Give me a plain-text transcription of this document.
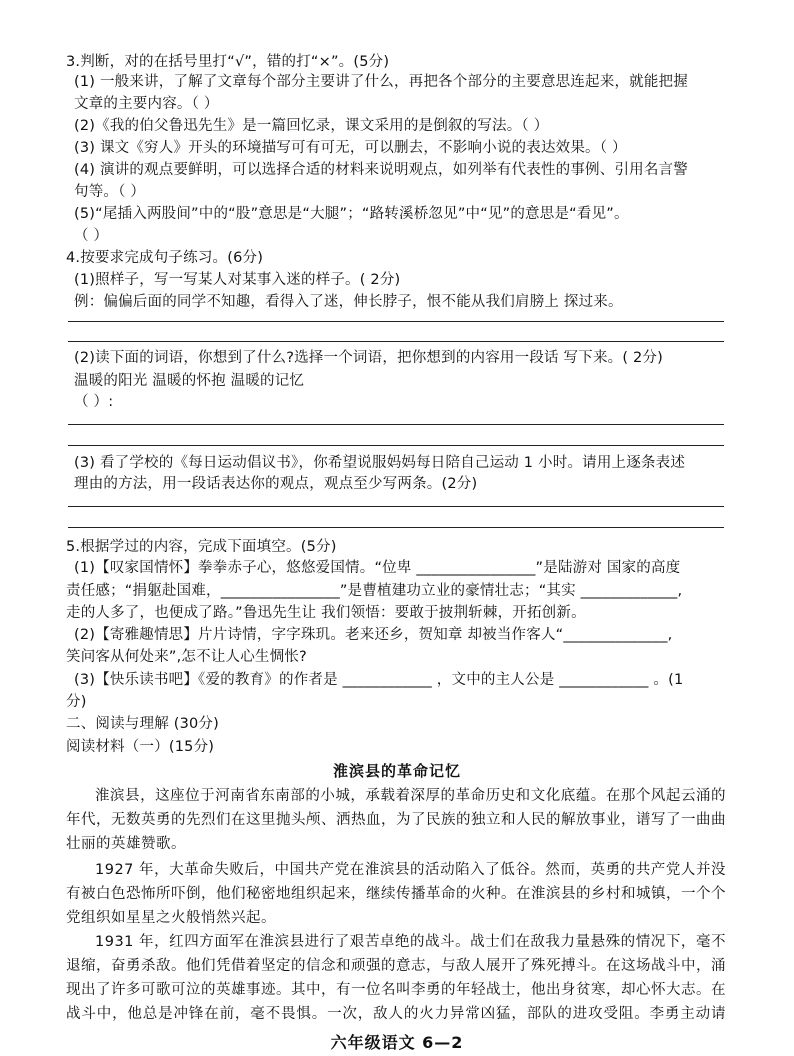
3.判断，对的在括号里打“√”，错的打“×”。(5分)
(1) 一般来讲，了解了文章每个部分主要讲了什么，再把各个部分的主要意思连起来，就能把握
文章的主要内容。（ ）
(2)《我的伯父鲁迅先生》是一篇回忆录，课文采用的是倒叙的写法。（ ）
(3) 课文《穷人》开头的环境描写可有可无，可以删去，不影响小说的表达效果。（ ）
(4) 演讲的观点要鲜明，可以选择合适的材料来说明观点，如列举有代表性的事例、引用名言警
句等。（ ）
(5)“尾插入两股间”中的“股”意思是“大腿”；“路转溪桥忽见”中“见”的意思是“看见”。
（ ）
4.按要求完成句子练习。(6分)
(1)照样子，写一写某人对某事入迷的样子。( 2分)
例：偏偏后面的同学不知趣，看得入了迷，伸长脖子，恨不能从我们肩膀上 探过来。
(2)读下面的词语，你想到了什么?选择一个词语，把你想到的内容用一段话 写下来。( 2分)
温暖的阳光 温暖的怀抱 温暖的记忆
（ ）:
(3) 看了学校的《每日运动倡议书》，你希望说服妈妈每日陪自己运动 1 小时。请用上逐条表述
理由的方法，用一段话表达你的观点，观点至少写两条。(2分)
5.根据学过的内容，完成下面填空。(5分)
(1)【叹家国情怀】拳拳赤子心，悠悠爱国情。“位卑 ________________”是陆游对 国家的高度
责任感；“捐躯赴国难，________________”是曹植建功立业的豪情壮志；“其实 _____________,
走的人多了，也便成了路。”鲁迅先生让 我们领悟：要敢于披荆斩棘，开拓创新。
(2)【寄雅趣情思】片片诗情，字字珠玑。老来还乡，贺知章 却被当作客人“______________,
笑问客从何处来”,怎不让人心生惆怅?
(3)【快乐读书吧】《爱的教育》的作者是 ____________ ，文中的主人公是 ____________ 。(1
分)
二、阅读与理解 (30分)
阅读材料（一）(15分)
淮滨县的革命记忆
淮滨县，这座位于河南省东南部的小城，承载着深厚的革命历史和文化底蕴。在那个风起云涌的年代，无数英勇的先烈们在这里抛头颅、洒热血，为了民族的独立和人民的解放事业，谱写了一曲曲壮丽的英雄赞歌。
1927 年，大革命失败后，中国共产党在淮滨县的活动陷入了低谷。然而，英勇的共产党人并没有被白色恐怖所吓倒，他们秘密地组织起来，继续传播革命的火种。在淮滨县的乡村和城镇，一个个党组织如星星之火般悄然兴起。
1931 年，红四方面军在淮滨县进行了艰苦卓绝的战斗。战士们在敌我力量悬殊的情况下，毫不退缩，奋勇杀敌。他们凭借着坚定的信念和顽强的意志，与敌人展开了殊死搏斗。在这场战斗中，涌现出了许多可歌可泣的英雄事迹。其中，有一位名叫李勇的年轻战士，他出身贫寒，却心怀大志。在战斗中，他总是冲锋在前，毫不畏惧。一次，敌人的火力异常凶猛，部队的进攻受阻。李勇主动请
六年级语文 6—2
